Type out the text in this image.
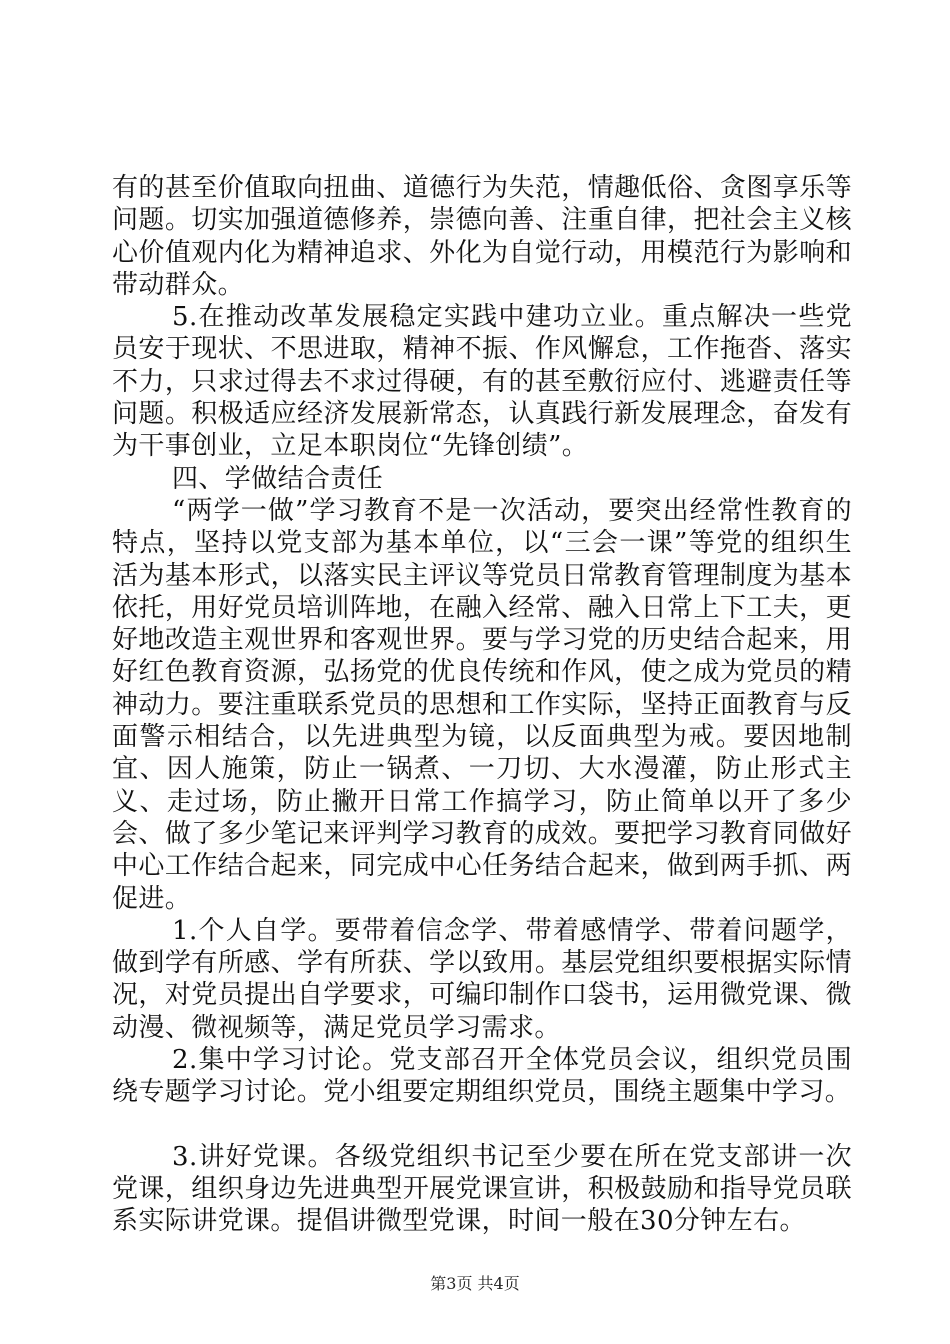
有的甚至价值取向扭曲、道德行为失范，情趣低俗、贪图享乐等问题。切实加强道德修养，崇德向善、注重自律，把社会主义核心价值观内化为精神追求、外化为自觉行动，用模范行为影响和带动群众。

5.在推动改革发展稳定实践中建功立业。重点解决一些党员安于现状、不思进取，精神不振、作风懈怠，工作拖沓、落实不力，只求过得去不求过得硬，有的甚至敷衍应付、逃避责任等问题。积极适应经济发展新常态，认真践行新发展理念，奋发有为干事创业，立足本职岗位“先锋创绩”。

四、学做结合责任

“两学一做”学习教育不是一次活动，要突出经常性教育的特点，坚持以党支部为基本单位，以“三会一课”等党的组织生活为基本形式，以落实民主评议等党员日常教育管理制度为基本依托，用好党员培训阵地，在融入经常、融入日常上下工夫，更好地改造主观世界和客观世界。要与学习党的历史结合起来，用好红色教育资源，弘扬党的优良传统和作风，使之成为党员的精神动力。要注重联系党员的思想和工作实际，坚持正面教育与反面警示相结合，以先进典型为镜，以反面典型为戒。要因地制宜、因人施策，防止一锅煮、一刀切、大水漫灌，防止形式主义、走过场，防止撇开日常工作搞学习，防止简单以开了多少会、做了多少笔记来评判学习教育的成效。要把学习教育同做好中心工作结合起来，同完成中心任务结合起来，做到两手抓、两促进。

1.个人自学。要带着信念学、带着感情学、带着问题学，做到学有所感、学有所获、学以致用。基层党组织要根据实际情况，对党员提出自学要求，可编印制作口袋书，运用微党课、微动漫、微视频等，满足党员学习需求。

2.集中学习讨论。党支部召开全体党员会议，组织党员围绕专题学习讨论。党小组要定期组织党员，围绕主题集中学习。

3.讲好党课。各级党组织书记至少要在所在党支部讲一次党课，组织身边先进典型开展党课宣讲，积极鼓励和指导党员联系实际讲党课。提倡讲微型党课，时间一般在30分钟左右。

第3页 共4页
